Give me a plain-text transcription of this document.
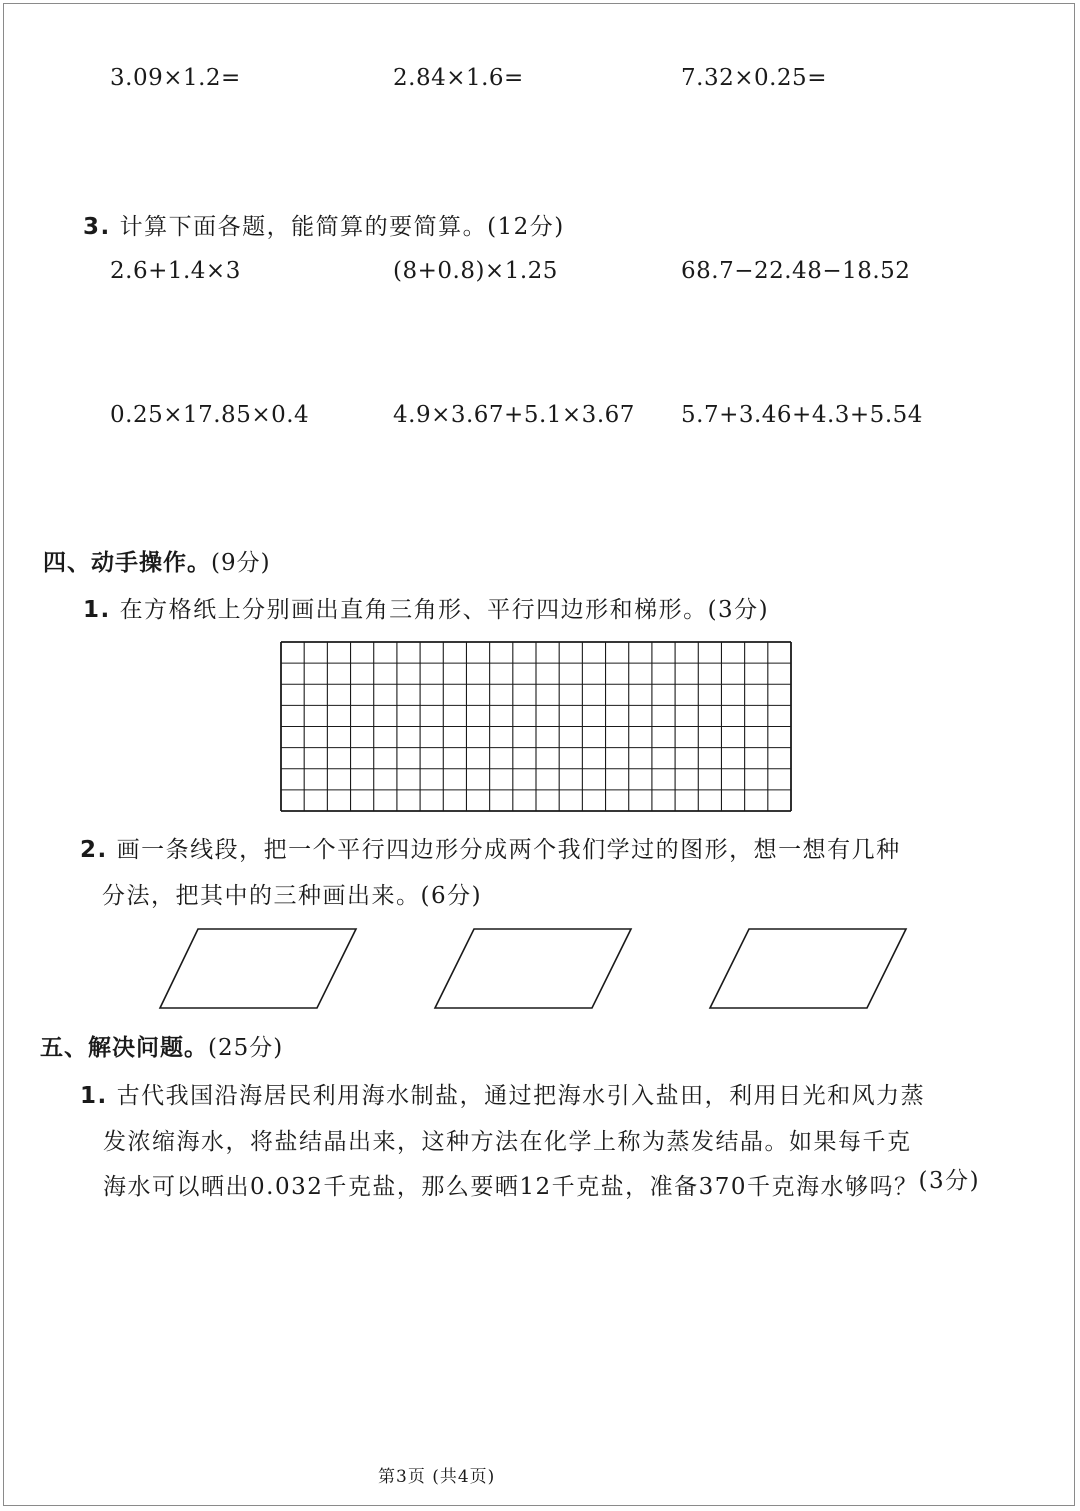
3.09×1.2=	2.84×1.6=	7.32×0.25=
3. 计算下面各题，能简算的要简算。(12分)
2.6+1.4×3	(8+0.8)×1.25	68.7−22.48−18.52
0.25×17.85×0.4	4.9×3.67+5.1×3.67 5.7+3.46+4.3+5.54
四、动手操作。(9分)
1. 在方格纸上分别画出直角三角形、平行四边形和梯形。(3分)
2. 画一条线段，把一个平行四边形分成两个我们学过的图形，想一想有几种
分法，把其中的三种画出来。(6分)
五、解决问题。(25分)
1. 古代我国沿海居民利用海水制盐，通过把海水引入盐田，利用日光和风力蒸
发浓缩海水，将盐结晶出来，这种方法在化学上称为蒸发结晶。如果每千克
海水可以晒出0.032千克盐，那么要晒12千克盐，准备370千克海水够吗？(3分)
第3页 (共4页)
